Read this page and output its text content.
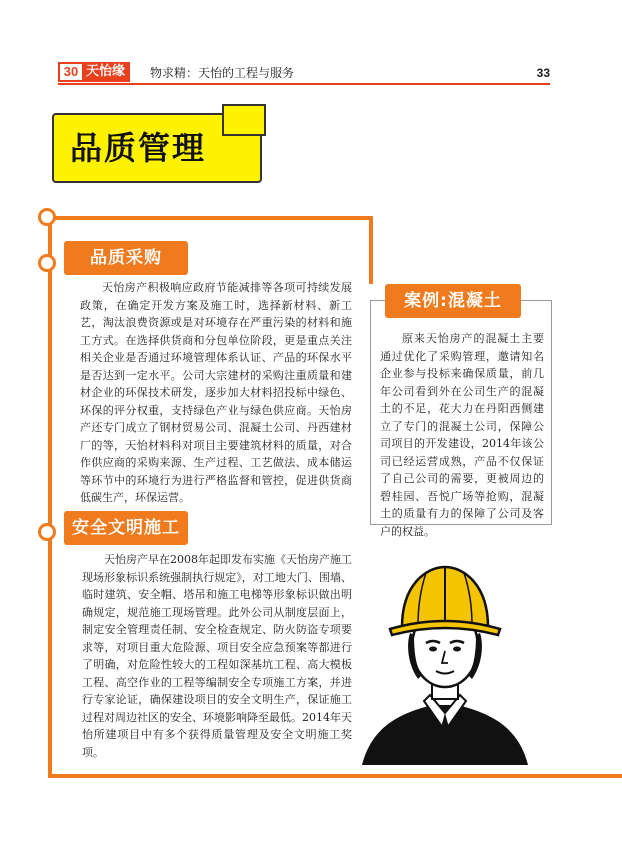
30 天怡缘 物求精：天怡的工程与服务	33
品质管理
品质采购

天怡房产积极响应政府节能减排等各项可持续发展政策，在确定开发方案及施工时，选择新材料、新工艺，淘汰浪费资源或是对环境存在严重污染的材料和施工方式。在选择供货商和分包单位阶段，更是重点关注相关企业是否通过环境管理体系认证、产品的环保水平是否达到一定水平。公司大宗建材的采购注重质量和建材企业的环保技术研发，逐步加大材料招投标中绿色、环保的评分权重，支持绿色产业与绿色供应商。天怡房产还专门成立了钢材贸易公司、混凝土公司、丹西建材厂的等，天怡材料科对项目主要建筑材料的质量，对合作供应商的采购来源、生产过程、工艺做法、成本储运等环节中的环境行为进行严格监督和管控，促进供货商低碳生产，环保运营。

案例:混凝土

原来天怡房产的混凝土主要通过优化了采购管理，邀请知名企业参与投标来确保质量，前几年公司看到外在公司生产的混凝土的不足，花大力在丹阳西侧建立了专门的混凝土公司，保障公司项目的开发建设，2014年该公司已经运营成熟，产品不仅保证了自己公司的需要，更被周边的碧桂园、吾悦广场等抢购，混凝土的质量有力的保障了公司及客户的权益。

安全文明施工

天怡房产早在2008年起即发布实施《天怡房产施工现场形象标识系统强制执行规定》，对工地大门、围墙、临时建筑、安全帽、塔吊和施工电梯等形象标识做出明确规定，规范施工现场管理。此外公司从制度层面上，制定安全管理责任制、安全检查规定、防火防盗专项要求等，对项目重大危险源、项目安全应急预案等都进行了明确，对危险性较大的工程如深基坑工程、高大模板工程、高空作业的工程等编制安全专项施工方案，并进行专家论证，确保建设项目的安全文明生产，保证施工过程对周边社区的安全、环境影响降至最低。2014年天怡所建项目中有多个获得质量管理及安全文明施工奖项。
